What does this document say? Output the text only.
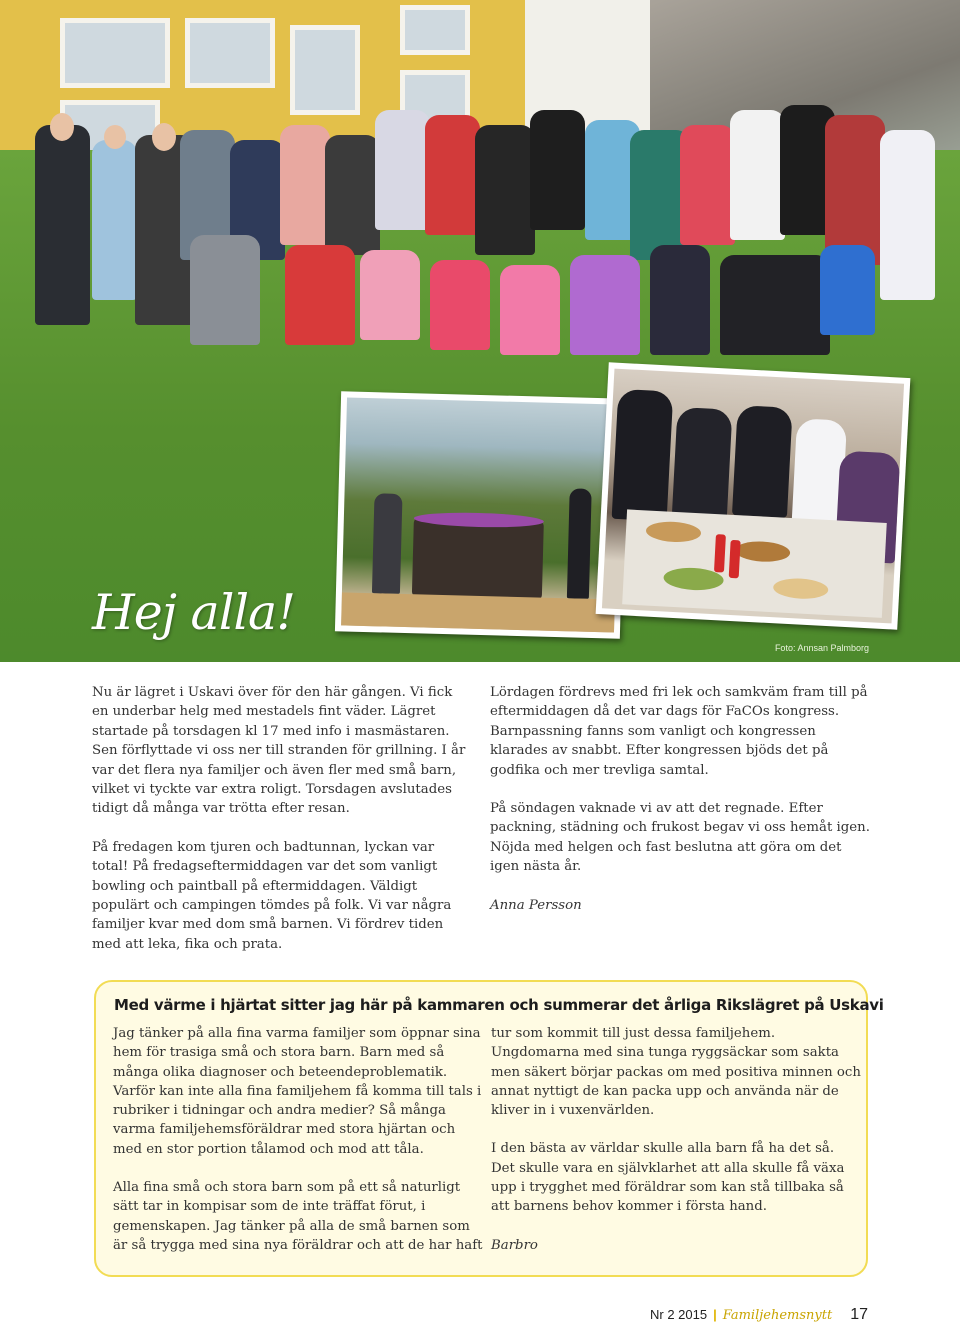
Hej alla!
Foto: Annsan Palmborg

Nu är lägret i Uskavi över för den här gången. Vi fick en underbar helg med mestadels fint väder. Lägret startade på torsdagen kl 17 med info i masmästaren. Sen förflyttade vi oss ner till stranden för grillning. I år var det flera nya familjer och även fler med små barn, vilket vi tyckte var extra roligt. Torsdagen avslutades tidigt då många var trötta efter resan.

På fredagen kom tjuren och badtunnan, lyckan var total! På fredagseftermiddagen var det som vanligt bowling och paintball på eftermiddagen. Väldigt populärt och campingen tömdes på folk. Vi var några familjer kvar med dom små barnen. Vi fördrev tiden med att leka, fika och prata.

Lördagen fördrevs med fri lek och samkväm fram till på eftermiddagen då det var dags för FaCOs kongress. Barnpassning fanns som vanligt och kongressen klarades av snabbt. Efter kongressen bjöds det på godfika och mer trevliga samtal.

På söndagen vaknade vi av att det regnade. Efter packning, städning och frukost begav vi oss hemåt igen. Nöjda med helgen och fast beslutna att göra om det igen nästa år.

Anna Persson

Med värme i hjärtat sitter jag här på kammaren och summerar det årliga Rikslägret på Uskavi

Jag tänker på alla fina varma familjer som öppnar sina hem för trasiga små och stora barn. Barn med så många olika diagnoser och beteendeproblematik. Varför kan inte alla fina familjehem få komma till tals i rubriker i tidningar och andra medier? Så många varma familjehemsföräldrar med stora hjärtan och med en stor portion tålamod och mod att tåla.

Alla fina små och stora barn som på ett så naturligt sätt tar in kompisar som de inte träffat förut, i gemenskapen. Jag tänker på alla de små barnen som är så trygga med sina nya föräldrar och att de har haft

tur som kommit till just dessa familjehem. Ungdomarna med sina tunga ryggsäckar som sakta men säkert börjar packas om med positiva minnen och annat nyttigt de kan packa upp och använda när de kliver in i vuxenvärlden.

I den bästa av världar skulle alla barn få ha det så. Det skulle vara en självklarhet att alla skulle få växa upp i trygghet med föräldrar som kan stå tillbaka så att barnens behov kommer i första hand.

Barbro

Nr 2 2015 | Familjehemsnytt 17
